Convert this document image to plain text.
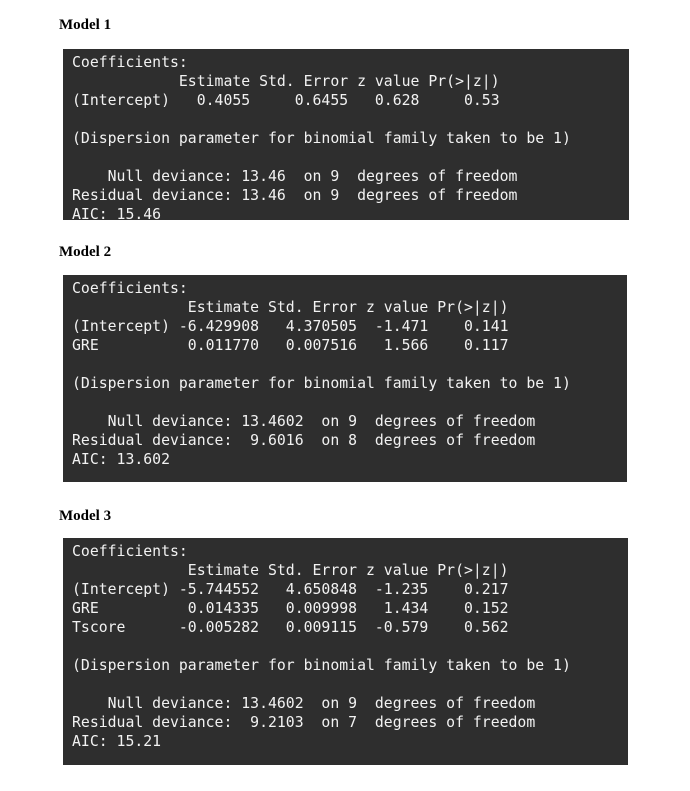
Model 1
Coefficients:
Estimate Std. Error z value Pr(>|z|)
(Intercept)   0.4055     0.6455   0.628     0.53
(Dispersion parameter for binomial family taken to be 1)
Null deviance: 13.46  on 9  degrees of freedom
Residual deviance: 13.46  on 9  degrees of freedom
AIC: 15.46
Model 2
Coefficients:
Estimate Std. Error z value Pr(>|z|)
(Intercept) -6.429908   4.370505  -1.471    0.141
GRE          0.011770   0.007516   1.566    0.117
(Dispersion parameter for binomial family taken to be 1)
Null deviance: 13.4602  on 9  degrees of freedom
Residual deviance:  9.6016  on 8  degrees of freedom
AIC: 13.602
Model 3
Coefficients:
Estimate Std. Error z value Pr(>|z|)
(Intercept) -5.744552   4.650848  -1.235    0.217
GRE          0.014335   0.009998   1.434    0.152
Tscore      -0.005282   0.009115  -0.579    0.562
(Dispersion parameter for binomial family taken to be 1)
Null deviance: 13.4602  on 9  degrees of freedom
Residual deviance:  9.2103  on 7  degrees of freedom
AIC: 15.21
